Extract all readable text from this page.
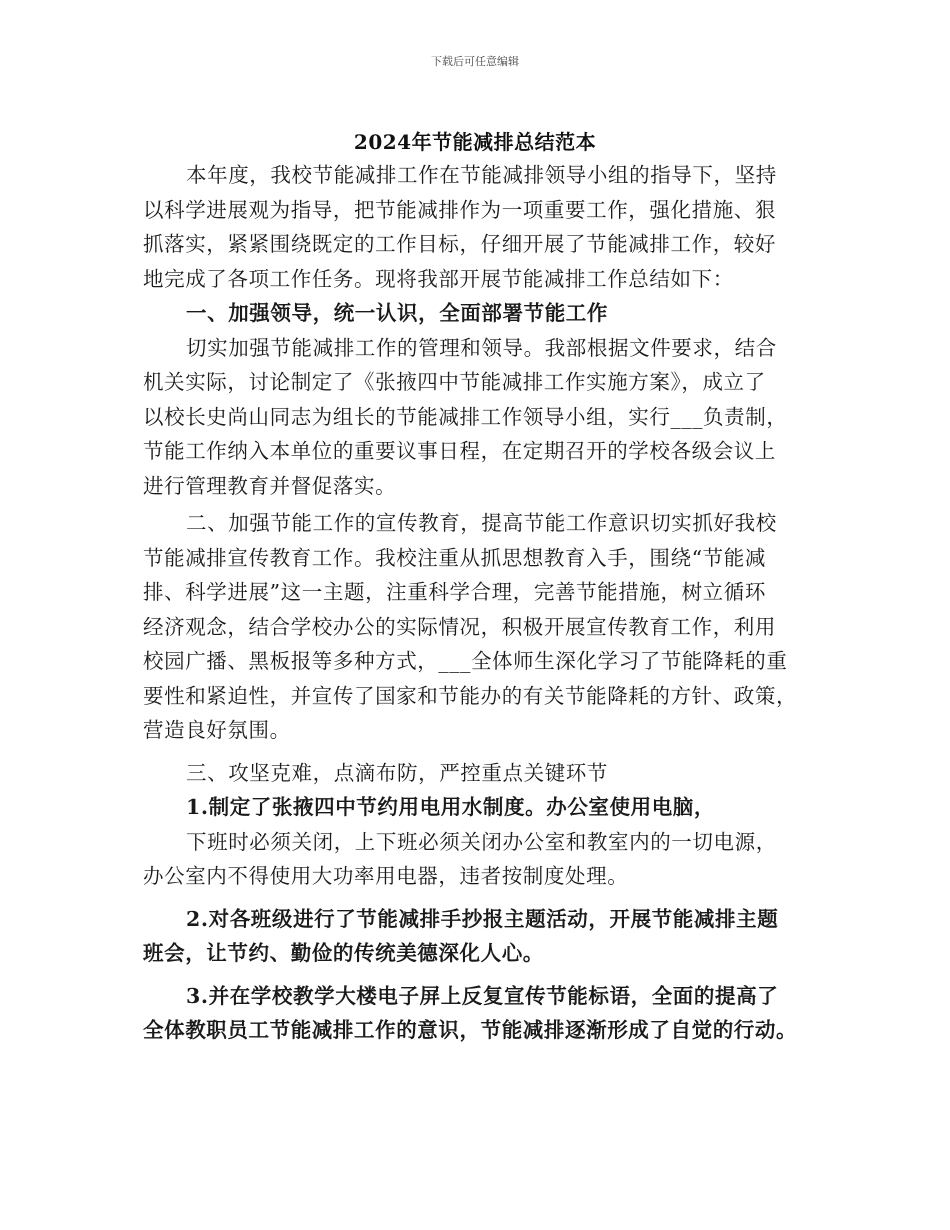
下载后可任意编辑
2024年节能减排总结范本
本年度，我校节能减排工作在节能减排领导小组的指导下，坚持
以科学进展观为指导，把节能减排作为一项重要工作，强化措施、狠
抓落实，紧紧围绕既定的工作目标，仔细开展了节能减排工作，较好
地完成了各项工作任务。现将我部开展节能减排工作总结如下：
一、加强领导，统一认识，全面部署节能工作
切实加强节能减排工作的管理和领导。我部根据文件要求，结合
机关实际，讨论制定了《张掖四中节能减排工作实施方案》，成立了
以校长史尚山同志为组长的节能减排工作领导小组，实行___负责制，
节能工作纳入本单位的重要议事日程，在定期召开的学校各级会议上
进行管理教育并督促落实。
二、加强节能工作的宣传教育，提高节能工作意识切实抓好我校
节能减排宣传教育工作。我校注重从抓思想教育入手，围绕“节能减
排、科学进展”这一主题，注重科学合理，完善节能措施，树立循环
经济观念，结合学校办公的实际情况，积极开展宣传教育工作，利用
校园广播、黑板报等多种方式，___全体师生深化学习了节能降耗的重
要性和紧迫性，并宣传了国家和节能办的有关节能降耗的方针、政策，
营造良好氛围。
三、攻坚克难，点滴布防，严控重点关键环节
1.制定了张掖四中节约用电用水制度。办公室使用电脑，
下班时必须关闭，上下班必须关闭办公室和教室内的一切电源，
办公室内不得使用大功率用电器，违者按制度处理。
2.对各班级进行了节能减排手抄报主题活动，开展节能减排主题
班会，让节约、勤俭的传统美德深化人心。
3.并在学校教学大楼电子屏上反复宣传节能标语，全面的提高了
全体教职员工节能减排工作的意识，节能减排逐渐形成了自觉的行动。
